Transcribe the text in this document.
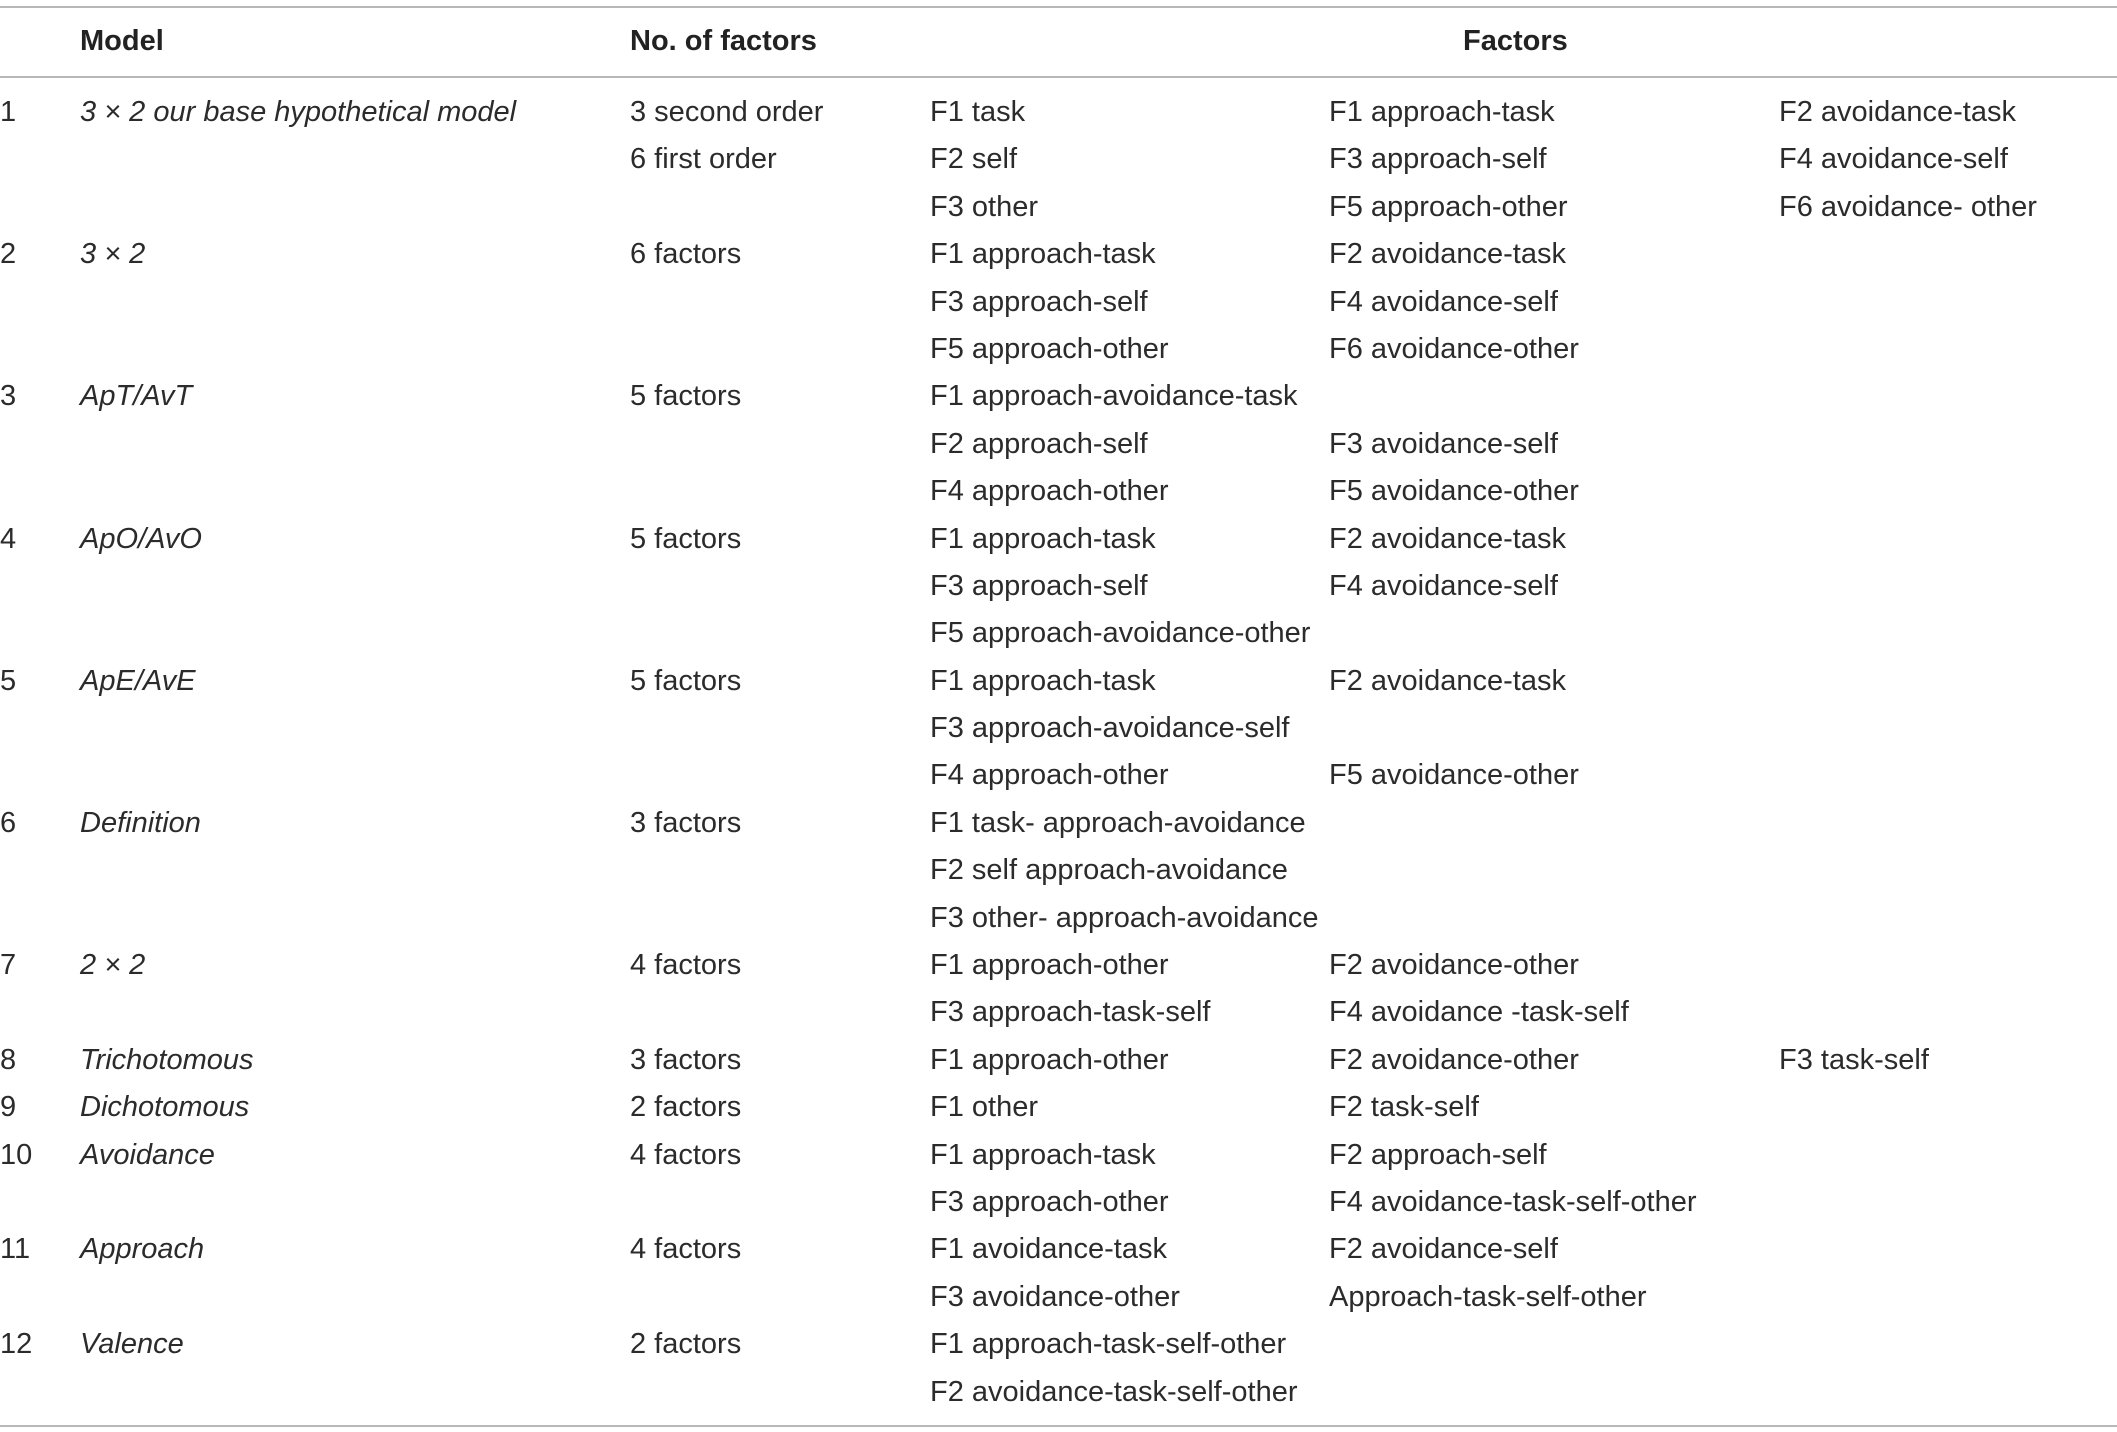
Model	No. of factors	Factors
1 3 × 2 our base hypothetical model	3 second order	F1 task	F1 approach-task	F2 avoidance-task
6 first order	F2 self	F3 approach-self	F4 avoidance-self
F3 other	F5 approach-other	F6 avoidance- other
2 3 × 2	6 factors	F1 approach-task	F2 avoidance-task
F3 approach-self	F4 avoidance-self
F5 approach-other	F6 avoidance-other
3 ApT/AvT	5 factors	F1 approach-avoidance-task
F2 approach-self	F3 avoidance-self
F4 approach-other	F5 avoidance-other
4 ApO/AvO	5 factors	F1 approach-task	F2 avoidance-task
F3 approach-self	F4 avoidance-self
F5 approach-avoidance-other
5 ApE/AvE	5 factors	F1 approach-task	F2 avoidance-task
F3 approach-avoidance-self
F4 approach-other	F5 avoidance-other
6 Definition	3 factors	F1 task- approach-avoidance
F2 self approach-avoidance
F3 other- approach-avoidance
7 2 × 2	4 factors	F1 approach-other	F2 avoidance-other
F3 approach-task-self	F4 avoidance -task-self
8 Trichotomous	3 factors	F1 approach-other	F2 avoidance-other	F3 task-self
9 Dichotomous	2 factors	F1 other	F2 task-self
10 Avoidance	4 factors	F1 approach-task	F2 approach-self
F3 approach-other	F4 avoidance-task-self-other
11 Approach	4 factors	F1 avoidance-task	F2 avoidance-self
F3 avoidance-other	Approach-task-self-other
12 Valence	2 factors	F1 approach-task-self-other
F2 avoidance-task-self-other
